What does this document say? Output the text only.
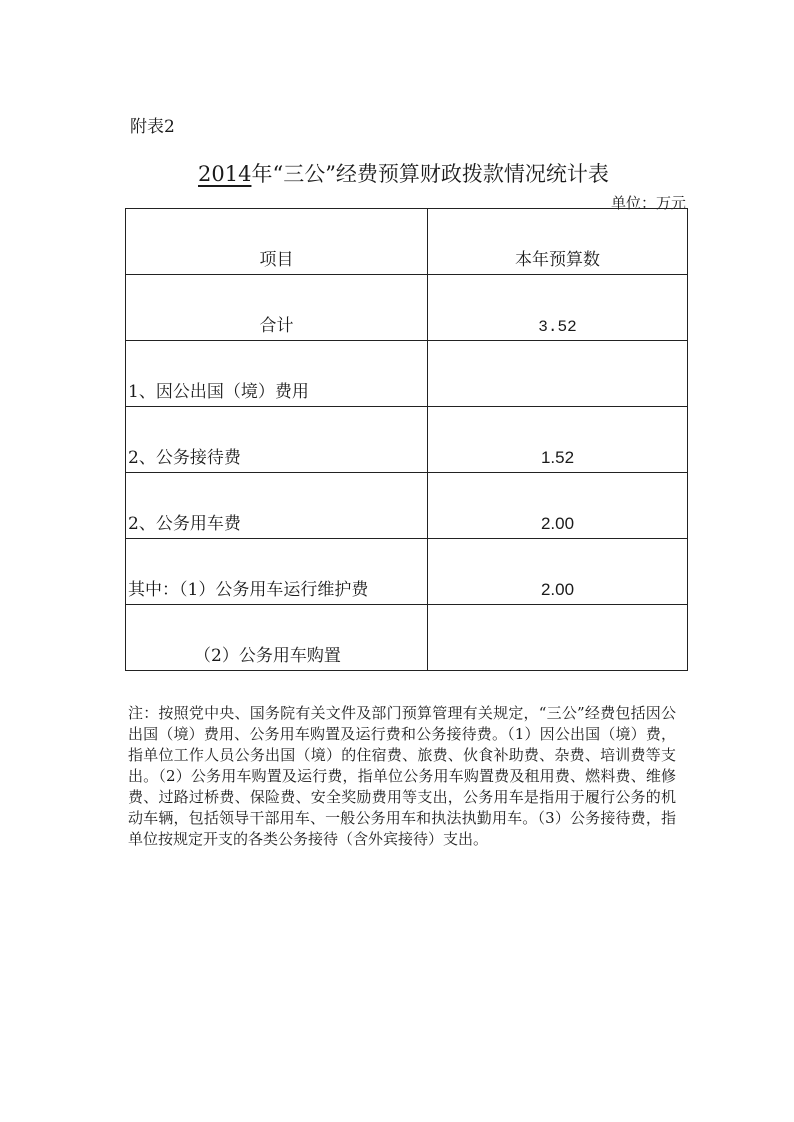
附表2
2014年“三公”经费预算财政拨款情况统计表
单位：万元
项目	本年预算数
合计	3.52
1、因公出国（境）费用	
2、公务接待费	1.52
2、公务用车费	2.00
其中：（1）公务用车运行维护费	2.00
（2）公务用车购置	
注：按照党中央、国务院有关文件及部门预算管理有关规定，“三公”经费包括因公出国（境）费用、公务用车购置及运行费和公务接待费。（1）因公出国（境）费，指单位工作人员公务出国（境）的住宿费、旅费、伙食补助费、杂费、培训费等支出。（2）公务用车购置及运行费，指单位公务用车购置费及租用费、燃料费、维修费、过路过桥费、保险费、安全奖励费用等支出，公务用车是指用于履行公务的机动车辆，包括领导干部用车、一般公务用车和执法执勤用车。（3）公务接待费，指单位按规定开支的各类公务接待（含外宾接待）支出。
